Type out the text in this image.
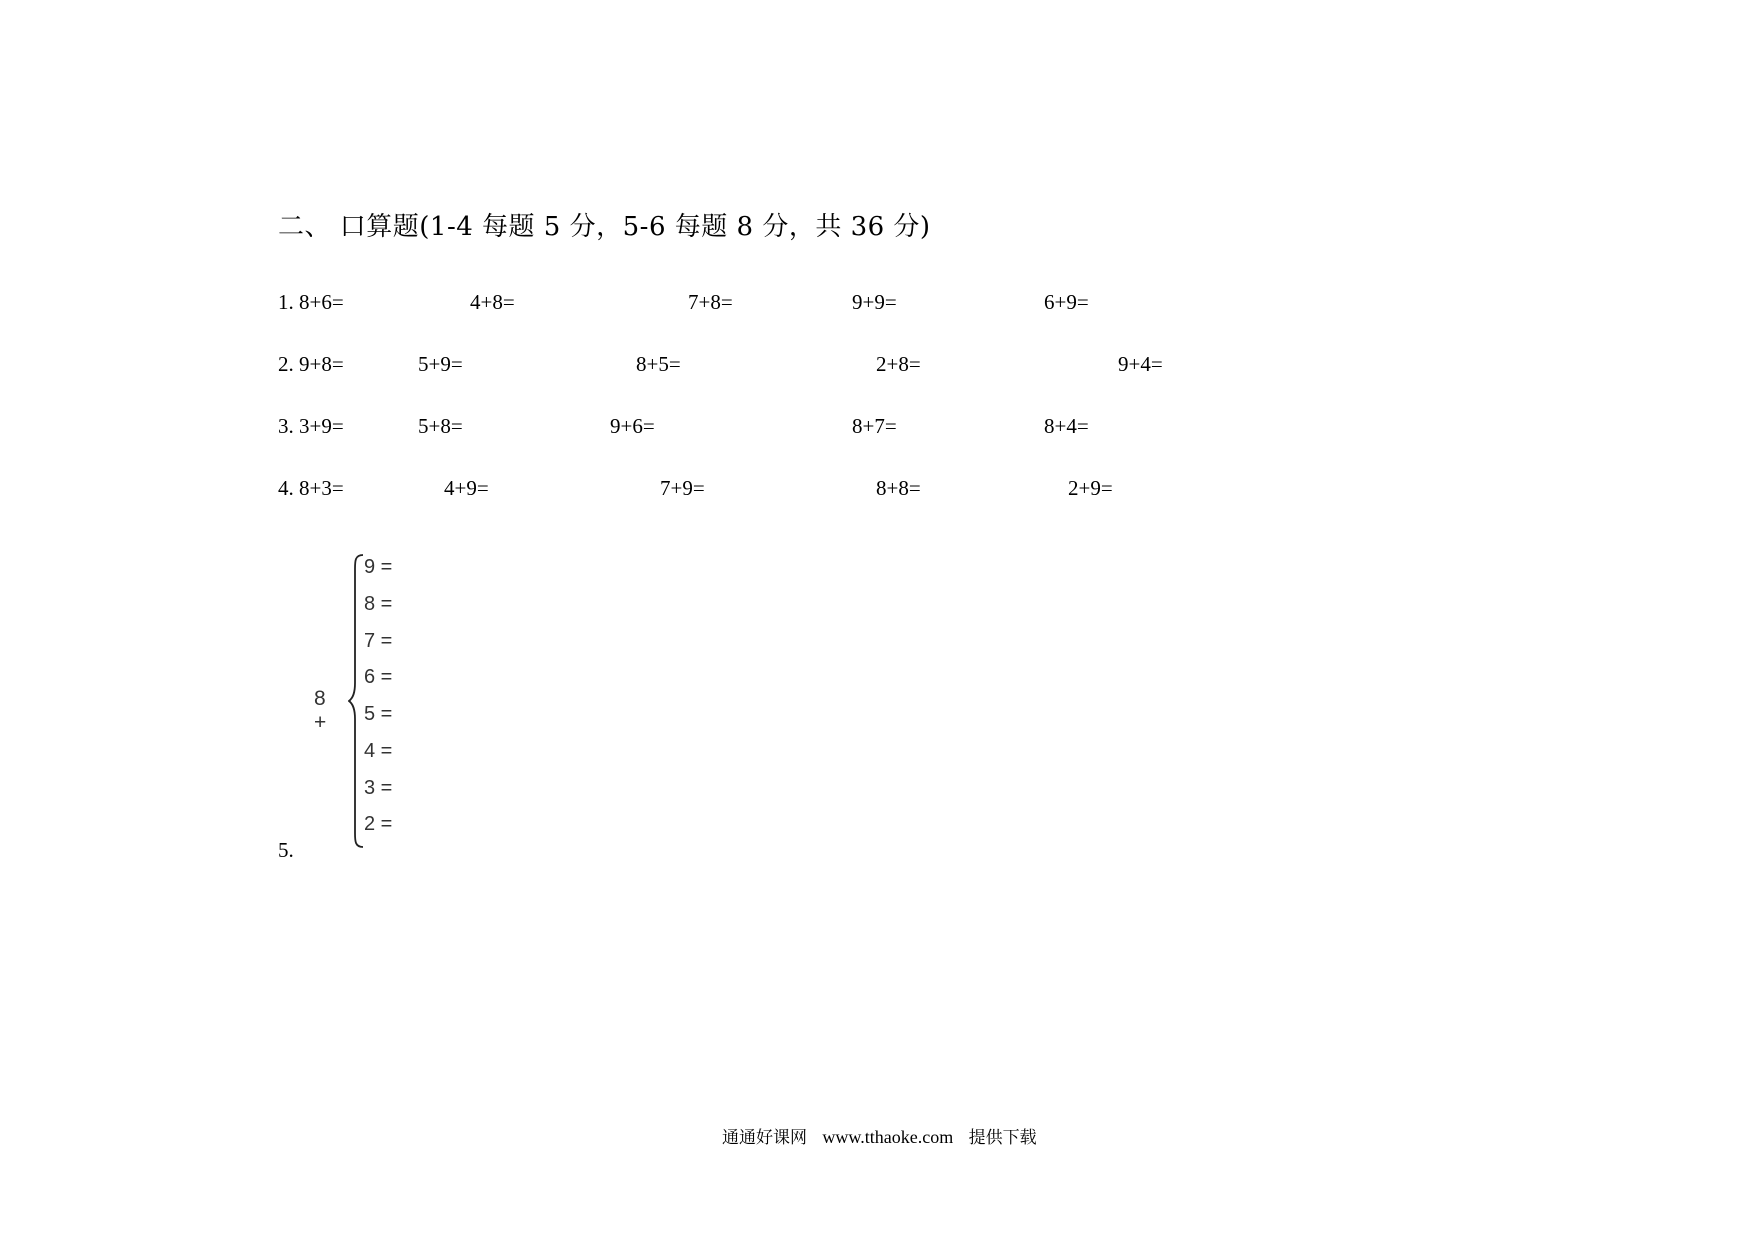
二、 口算题(1-4 每题 5 分，5-6 每题 8 分，共 36 分)
1. 8+6=	4+8=	7+8=	9+9=	6+9=
2. 9+8=	5+9=	8+5=	2+8=	9+4=
3. 3+9=	5+8=	9+6=	8+7=	8+4=
4. 8+3=	4+9=	7+9=	8+8=	2+9=
5.
8 +
9 =
8 =
7 =
6 =
5 =
4 =
3 =
2 =
通通好课网 www.tthaoke.com 提供下载
